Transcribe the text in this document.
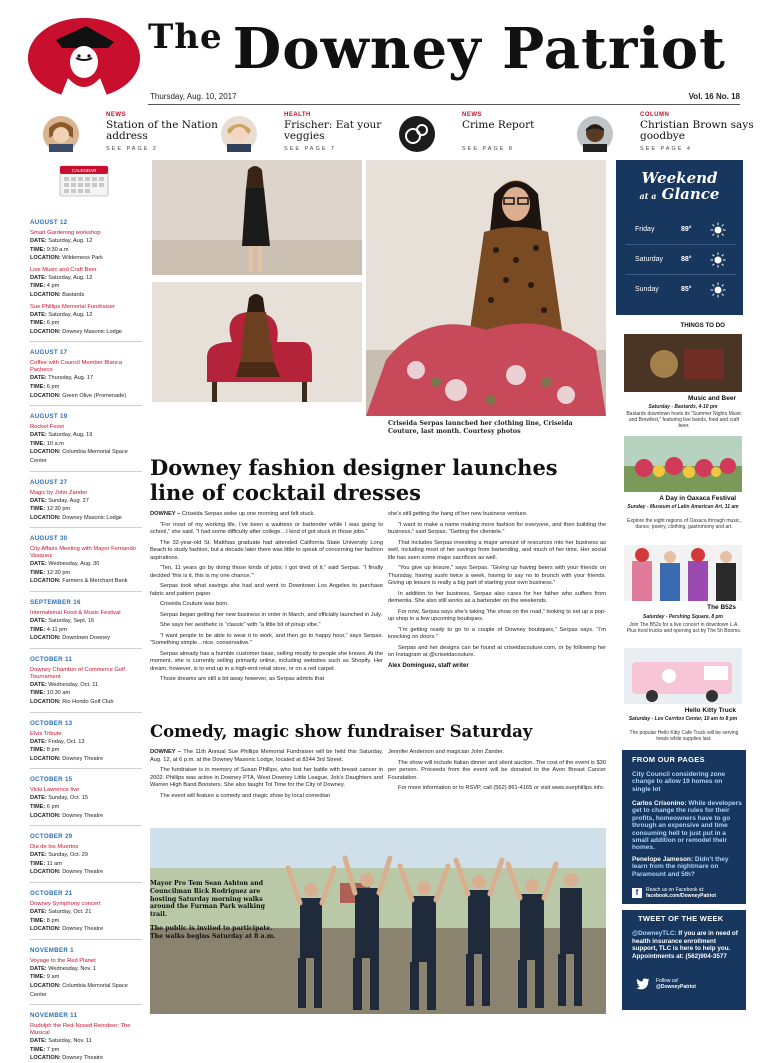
$^{The}$ Downey Patriot
Thursday, Aug. 10, 2017	Vol. 16 No. 18
NEWS
Station of the Nation address
SEE PAGE 2
HEALTH
Frischer: Eat your veggies
SEE PAGE 7
NEWS
Crime Report
SEE PAGE 8
COLUMN
Christian Brown says goodbye
SEE PAGE 4
CALENDAR
AUGUST 12
Smart Gardening workshop
DATE: Saturday, Aug. 12
TIME: 9:30 a.m
LOCATION: Wilderness Park
Live Music and Craft Beer
DATE: Saturday, Aug. 12
TIME: 4 pm
LOCATION: Bastards
Sue Phillips Memorial Fundraiser
DATE: Saturday, Aug. 12
TIME: 6 pm
LOCATION: Downey Masonic Lodge
AUGUST 17
Coffee with Council Member Blanca Pacheco
DATE: Thursday, Aug. 17
TIME: 6 pm
LOCATION: Green Olive (Promenade)
AUGUST 19
Rocket Fever
DATE: Saturday, Aug. 19
TIME: 10 a.m
LOCATION: Columbia Memorial Space Center
AUGUST 27
Magic by John Zander
DATE: Sunday, Aug. 27
TIME: 12:30 pm
LOCATION: Downey Masonic Lodge
AUGUST 30
City Affairs Meeting with Mayor Fernando Vasquez
DATE: Wednesday, Aug. 30
TIME: 12:30 pm
LOCATION: Farmers & Merchant Bank
SEPTEMBER 16
International Food & Music Festival
DATE: Saturday, Sept. 16
TIME: 4-11 pm
LOCATION: Downtown Downey
OCTOBER 11
Downey Chamber of Commerce Golf Tournament
DATE: Wednesday, Oct. 11
TIME: 10:30 am
LOCATION: Rio Hondo Golf Club
OCTOBER 13
Elvis Tribute
DATE: Friday, Oct. 13
TIME: 8 pm
LOCATION: Downey Theatre
OCTOBER 15
Vicki Lawrence live
DATE: Sunday, Oct. 15
TIME: 6 pm
LOCATION: Downey Theatre
OCTOBER 29
Dia de los Muertos
DATE: Sunday, Oct. 29
TIME: 11 am
LOCATION: Downey Theatre
OCTOBER 21
Downey Symphony concert
DATE: Saturday, Oct. 21
TIME: 8 pm
LOCATION: Downey Theatre
NOVEMBER 1
Voyage to the Red Planet
DATE: Wednesday, Nov. 1
TIME: 9 am
LOCATION: Columbia Memorial Space Center
NOVEMBER 11
Rudolph the Red-Nosed Reindeer: The Musical
DATE: Saturday, Nov. 11
TIME: 7 pm
LOCATION: Downey Theatre
Criseida Serpas launched her clothing line, Criseida Couture, last month. Courtesy photos
Downey fashion designer launches line of cocktail dresses

DOWNEY – Criseida Serpas woke up one morning and felt stuck.

“For most of my working life, I’ve been a waitress or bartender while I was going to school,” she said. “I had some difficulty after college…I kind of got stuck in those jobs.”

The 32-year-old St. Matthias graduate had attended California State University Long Beach to study fashion, but a decade later there was little to speak of concerning her fashion aspirations.

“Ten, 11 years go by doing those kinds of jobs; I got tired of it,” said Serpas. “I finally decided ‘this is it, this is my one chance.’”

Serpas took what savings she had and went to Downtown Los Angeles to purchase fabric and pattern paper.

Criseida Couture was born.

Serpas began getting her new business in order in March, and officially launched in July.

She says her aesthetic is “classic” with “a little bit of pinup vibe.”

“I want people to be able to wear it to work, and then go to happy hour,” says Serpas. “Something simple…nice, conservative.”

Serpas already has a humble customer base, selling mostly to people she knows. At the moment, she is currently selling primarily online, including websites such as Shopify. Her dream, however, is to end up in a high-end retail store, or on a red carpet.

Those dreams are still a bit away however, as Serpas admits that

she’s still getting the hang of her new business venture.

“I want to make a name making more fashion for everyone, and then building the business,” said Serpas. “Getting the clientele.”

That includes Serpas investing a major amount of resources into her business as well, including most of her savings from bartending, and much of her time. Her social life has seen some major sacrifices as well.

“You give up leisure,” says Serpas. “Giving up having beers with your friends on Thursday, having sushi twice a week, having to say no to brunch with your friends. Giving up leisure is really a big part of starting your own business.”

In addition to her business, Serpas also cares for her father who suffers from dementia. She also still works as a bartender on the weekends.

For now, Serpas says she’s taking “the show on the road,” looking to set up a pop-up shop in a few upcoming boutiques.

“I’m getting ready to go to a couple of Downey boutiques,” Serpas says. “I’m knocking on doors.”

Serpas and her designs can be found at criseidacouture.com, or by following her on Instagram at @criseidacouture.

Alex Dominguez, staff writer
Comedy, magic show fundraiser Saturday

DOWNEY – The 11th Annual Sue Phillips Memorial Fundraiser will be held this Saturday, Aug. 12, at 6 p.m. at the Downey Masonic Lodge, located at 8244 3rd Street.

The fundraiser is in memory of Susan Phillips, who lost her battle with breast cancer in 2002. Phillips was active in Downey PTA, West Downey Little League, Job’s Daughters and Warren High Band Boosters. She also taught Tot Time for the City of Downey.

The event will feature a comedy and magic show by local comedian

Jennifer Anderson and magician John Zander.

The show will include Italian dinner and silent auction. The cost of the event is $30 per person. Proceeds from the event will be donated to the Avon Breast Cancer Foundation.

For more information or to RSVP, call (562) 861-4165 or visit www.suephillips.info.

Mayor Pro Tem Sean Ashton and Councilman Rick Rodriguez are hosting Saturday morning walks around the Furman Park walking trail.

The public is invited to participate. The walks begins Saturday at 8 a.m.

Weekend
at a Glance
Friday	89°
Saturday	88°
Sunday	85°
THINGS TO DO
Music and Beer
Saturday - Bastards, 4-10 pm
Bastards downtown hosts its “Summer Nights Music and Brewfest,” featuring live bands, food and craft beer.
A Day in Oaxaca Festival
Sunday - Museum of Latin American Art, 11 am
Explore the eight regions of Oaxaca through music, dance, poetry, clothing, gastronomy and art.
The B52s
Saturday - Pershing Square, 8 pm
Join The B52s for a live concert in downtown L.A. Plus food trucks and opening act by The 5h Booms.
Hello Kitty Truck
Saturday - Los Cerritos Center, 10 am to 8 pm
The popular Hello Kitty Cafe Truck will be serving treats while supplies last.
FROM OUR PAGES
City Council considering zone change to allow 19 homes on single lot
Carlos Crisonino: While developers get to change the rules for their profits, homeowners have to go through an expensive and time consuming hell to just put in a small addition or remodel their homes.
Penelope Jameson: Didn’t they learn from the nightmare on Paramount and 5th?
f Reach us on Facebook at:
facebook.com/DowneyPatriot
TWEET OF THE WEEK
@DowneyTLC: If you are in need of health insurance enrollment support, TLC is here to help you. Appointments at: (562)904-3577
Follow us!
@DowneyPatriot
